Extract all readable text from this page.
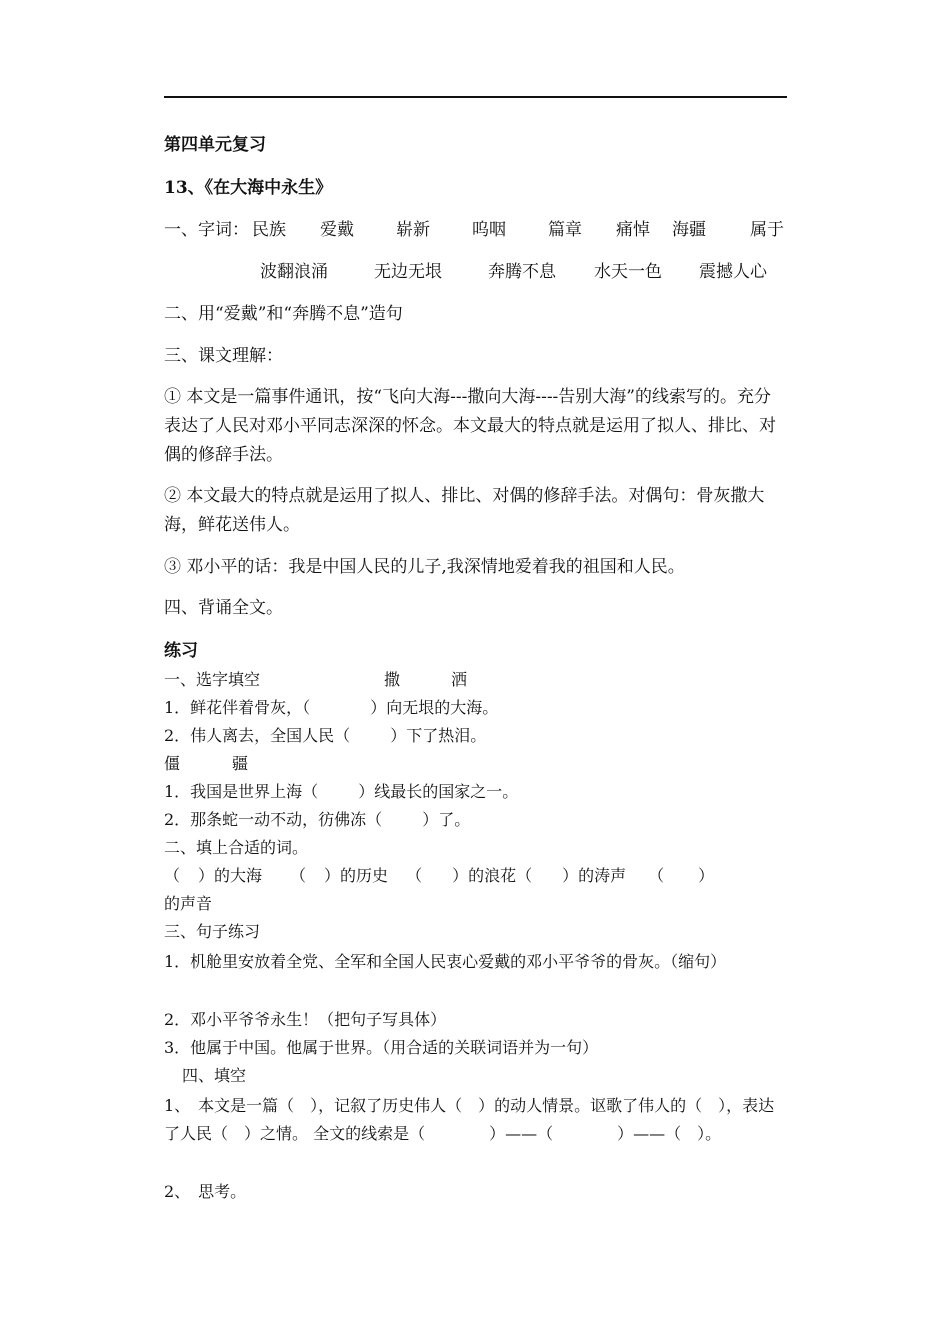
第四单元复习
13、《在大海中永生》
一、字词： 民族 爱戴 崭新 呜咽 篇章 痛悼 海疆	属于
波翻浪涌	无边无垠	奔腾不息 水天一色 震撼人心
二、用“爱戴”和“奔腾不息”造句
三、课文理解：
① 本文是一篇事件通讯，按“飞向大海---撒向大海----告别大海”的线索写的。充分表达了人民对邓小平同志深深的怀念。本文最大的特点就是运用了拟人、排比、对偶的修辞手法。
② 本文最大的特点就是运用了拟人、排比、对偶的修辞手法。对偶句：骨灰撒大海，鲜花送伟人。
③ 邓小平的话：我是中国人民的儿子,我深情地爱着我的祖国和人民。
四、背诵全文。
练习
一、选字填空	撒	洒
1．鲜花伴着骨灰，（	）向无垠的大海。
2．伟人离去，全国人民（	）下了热泪。
僵	疆
1．我国是世界上海（	）线最长的国家之一。
2．那条蛇一动不动，彷佛冻（	）了。
二、填上合适的词。
（ ）的大海 （ ）的历史 （ ）的浪花（ ）的涛声 （ ）
的声音
三、句子练习
1．机舱里安放着全党、全军和全国人民衷心爱戴的邓小平爷爷的骨灰。（缩句）
2．邓小平爷爷永生！（把句子写具体）
3．他属于中国。他属于世界。（用合适的关联词语并为一句）
四、填空
1、　本文是一篇（　），记叙了历史伟人（　）的动人情景。讴歌了伟人的（　），表达了人民（　）之情。 全文的线索是（　　　　）——（　　　　）——（　）。
2、　思考。
